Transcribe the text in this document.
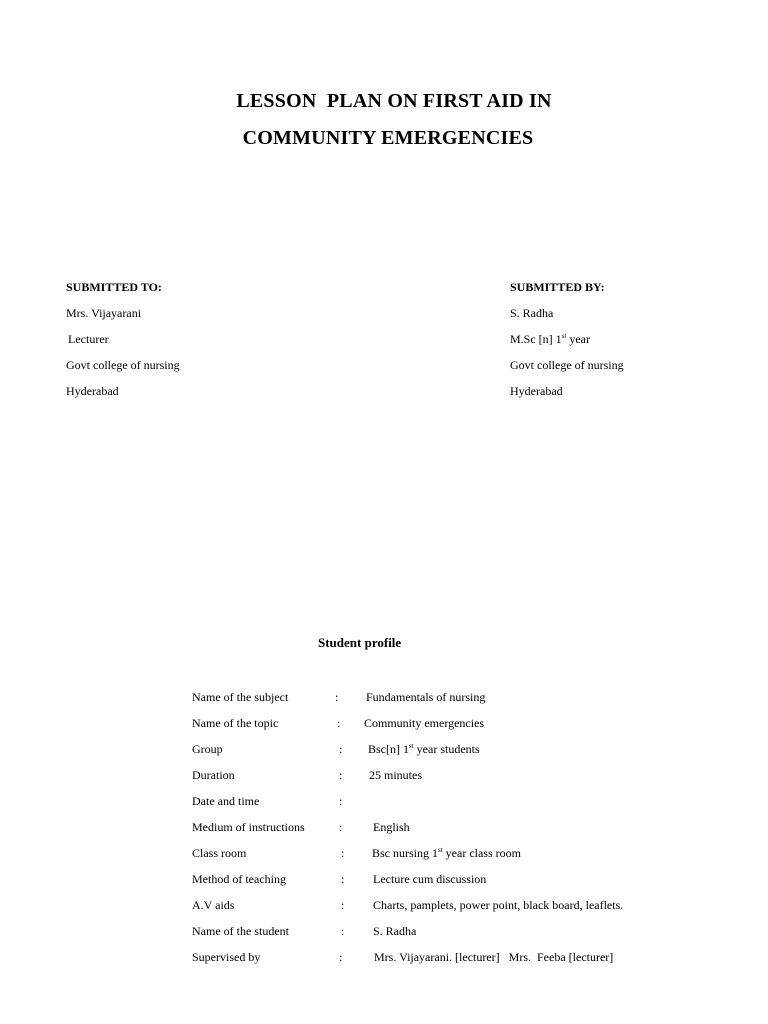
LESSON  PLAN ON FIRST AID IN
COMMUNITY EMERGENCIES
SUBMITTED TO:
Mrs. Vijayarani
Lecturer
Govt college of nursing
Hyderabad
SUBMITTED BY:
S. Radha
M.Sc [n] 1st year
Govt college of nursing
Hyderabad
Student profile
Name of the subject	: Fundamentals of nursing
Name of the topic	: Community emergencies
Group	: Bsc[n] 1st year students
Duration	: 25 minutes
Date and time	:
Medium of instructions	:	English
Class room	: Bsc nursing 1st year class room
Method of teaching	: Lecture cum discussion
A.V aids	: Charts, pamplets, power point, black board, leaflets.
Name of the student	: S. Radha
Supervised by	:	Mrs. Vijayarani. [lecturer]   Mrs.  Feeba [lecturer]
